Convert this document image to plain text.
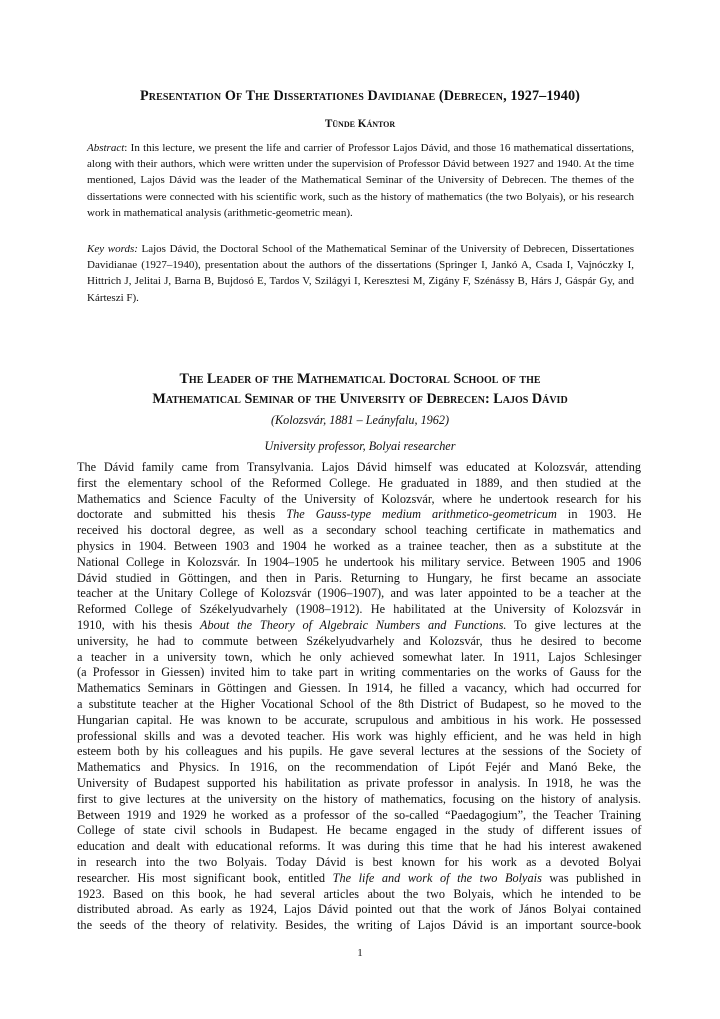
Presentation Of The Dissertationes Davidianae (Debrecen, 1927–1940)
Tünde Kántor
Abstract: In this lecture, we present the life and carrier of Professor Lajos Dávid, and those 16 mathematical dissertations, along with their authors, which were written under the supervision of Professor Dávid between 1927 and 1940. At the time mentioned, Lajos Dávid was the leader of the Mathematical Seminar of the University of Debrecen. The themes of the dissertations were connected with his scientific work, such as the history of mathematics (the two Bolyais), or his research work in mathematical analysis (arithmetic-geometric mean).
Key words: Lajos Dávid, the Doctoral School of the Mathematical Seminar of the University of Debrecen, Dissertationes Davidianae (1927–1940), presentation about the authors of the dissertations (Springer I, Jankó A, Csada I, Vajnóczky I, Hittrich J, Jelitai J, Barna B, Bujdosó E, Tardos V, Szilágyi I, Keresztesi M, Zigány F, Szénássy B, Hárs J, Gáspár Gy, and Kárteszi F).
The Leader of the Mathematical Doctoral School of the
Mathematical Seminar of the University of Debrecen: Lajos Dávid
(Kolozsvár, 1881 – Leányfalu, 1962)
University professor, Bolyai researcher
The Dávid family came from Transylvania. Lajos Dávid himself was educated at Kolozsvár, attending
first the elementary school of the Reformed College. He graduated in 1889, and then studied at the
Mathematics and Science Faculty of the University of Kolozsvár, where he undertook research for his
doctorate and submitted his thesis The Gauss-type medium arithmetico-geometricum in 1903. He
received his doctoral degree, as well as a secondary school teaching certificate in mathematics and
physics in 1904. Between 1903 and 1904 he worked as a trainee teacher, then as a substitute at the
National College in Kolozsvár. In 1904–1905 he undertook his military service. Between 1905 and 1906
Dávid studied in Göttingen, and then in Paris. Returning to Hungary, he first became an associate
teacher at the Unitary College of Kolozsvár (1906–1907), and was later appointed to be a teacher at the
Reformed College of Székelyudvarhely (1908–1912). He habilitated at the University of Kolozsvár in
1910, with his thesis About the Theory of Algebraic Numbers and Functions. To give lectures at the
university, he had to commute between Székelyudvarhely and Kolozsvár, thus he desired to become
a teacher in a university town, which he only achieved somewhat later. In 1911, Lajos Schlesinger
(a Professor in Giessen) invited him to take part in writing commentaries on the works of Gauss for the
Mathematics Seminars in Göttingen and Giessen. In 1914, he filled a vacancy, which had occurred for
a substitute teacher at the Higher Vocational School of the 8th District of Budapest, so he moved to the
Hungarian capital. He was known to be accurate, scrupulous and ambitious in his work. He possessed
professional skills and was a devoted teacher. His work was highly efficient, and he was held in high
esteem both by his colleagues and his pupils. He gave several lectures at the sessions of the Society of
Mathematics and Physics. In 1916, on the recommendation of Lipót Fejér and Manó Beke, the
University of Budapest supported his habilitation as private professor in analysis. In 1918, he was the
first to give lectures at the university on the history of mathematics, focusing on the history of analysis.
Between 1919 and 1929 he worked as a professor of the so-called “Paedagogium”, the Teacher Training
College of state civil schools in Budapest. He became engaged in the study of different issues of
education and dealt with educational reforms. It was during this time that he had his interest awakened
in research into the two Bolyais. Today Dávid is best known for his work as a devoted Bolyai
researcher. His most significant book, entitled The life and work of the two Bolyais was published in
1923. Based on this book, he had several articles about the two Bolyais, which he intended to be
distributed abroad. As early as 1924, Lajos Dávid pointed out that the work of János Bolyai contained
the seeds of the theory of relativity. Besides, the writing of Lajos Dávid is an important source-book
1
